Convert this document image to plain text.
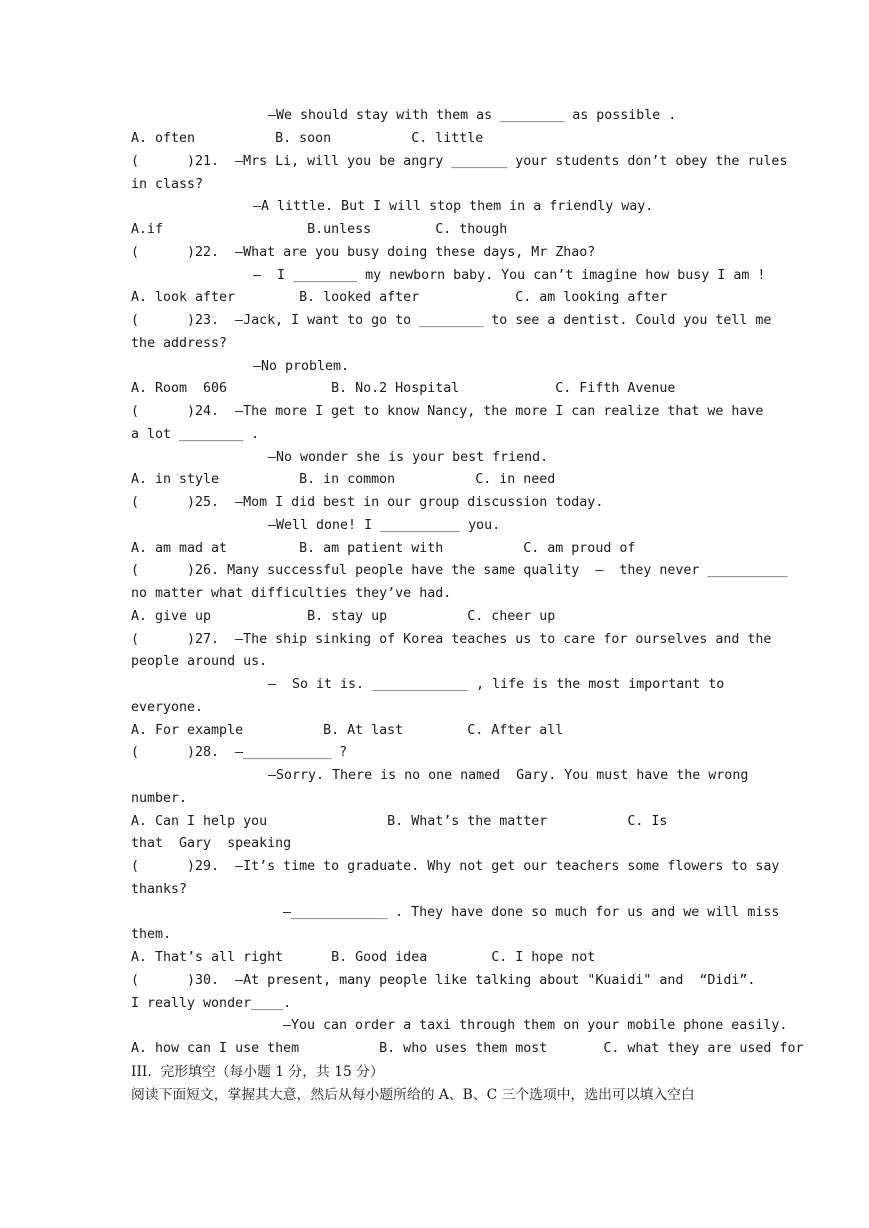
—We should stay with them as ________ as possible .
A. often          B. soon          C. little
(      )21.  —Mrs Li, will you be angry _______ your students don’t obey the rules
in class?
—A little. But I will stop them in a friendly way.
A.if                  B.unless        C. though
(      )22.  —What are you busy doing these days, Mr Zhao?
—  I ________ my newborn baby. You can’t imagine how busy I am !
A. look after        B. looked after            C. am looking after
(      )23.  —Jack, I want to go to ________ to see a dentist. Could you tell me
the address?
—No problem.
A. Room  606             B. No.2 Hospital            C. Fifth Avenue
(      )24.  —The more I get to know Nancy, the more I can realize that we have
a lot ________ .
—No wonder she is your best friend.
A. in style          B. in common          C. in need
(      )25.  —Mom I did best in our group discussion today.
—Well done! I __________ you.
A. am mad at         B. am patient with          C. am proud of
(      )26. Many successful people have the same quality  —  they never __________
no matter what difficulties they’ve had.
A. give up            B. stay up          C. cheer up
(      )27.  —The ship sinking of Korea teaches us to care for ourselves and the
people around us.
—  So it is. ____________ , life is the most important to
everyone.
A. For example          B. At last        C. After all
(      )28.  —___________ ?
—Sorry. There is no one named  Gary. You must have the wrong
number.
A. Can I help you               B. What’s the matter          C. Is
that  Gary  speaking
(      )29.  —It’s time to graduate. Why not get our teachers some flowers to say
thanks?
—____________ . They have done so much for us and we will miss
them.
A. That’s all right      B. Good idea        C. I hope not
(      )30.  —At present, many people like talking about "Kuaidi" and  “Didi”.
I really wonder____.
—You can order a taxi through them on your mobile phone easily.
A. how can I use them          B. who uses them most       C. what they are used for
III.  完形填空（每小题 1 分，共 15 分）
阅读下面短文，掌握其大意，然后从每小题所给的 A、B、C 三个选项中，选出可以填入空白
